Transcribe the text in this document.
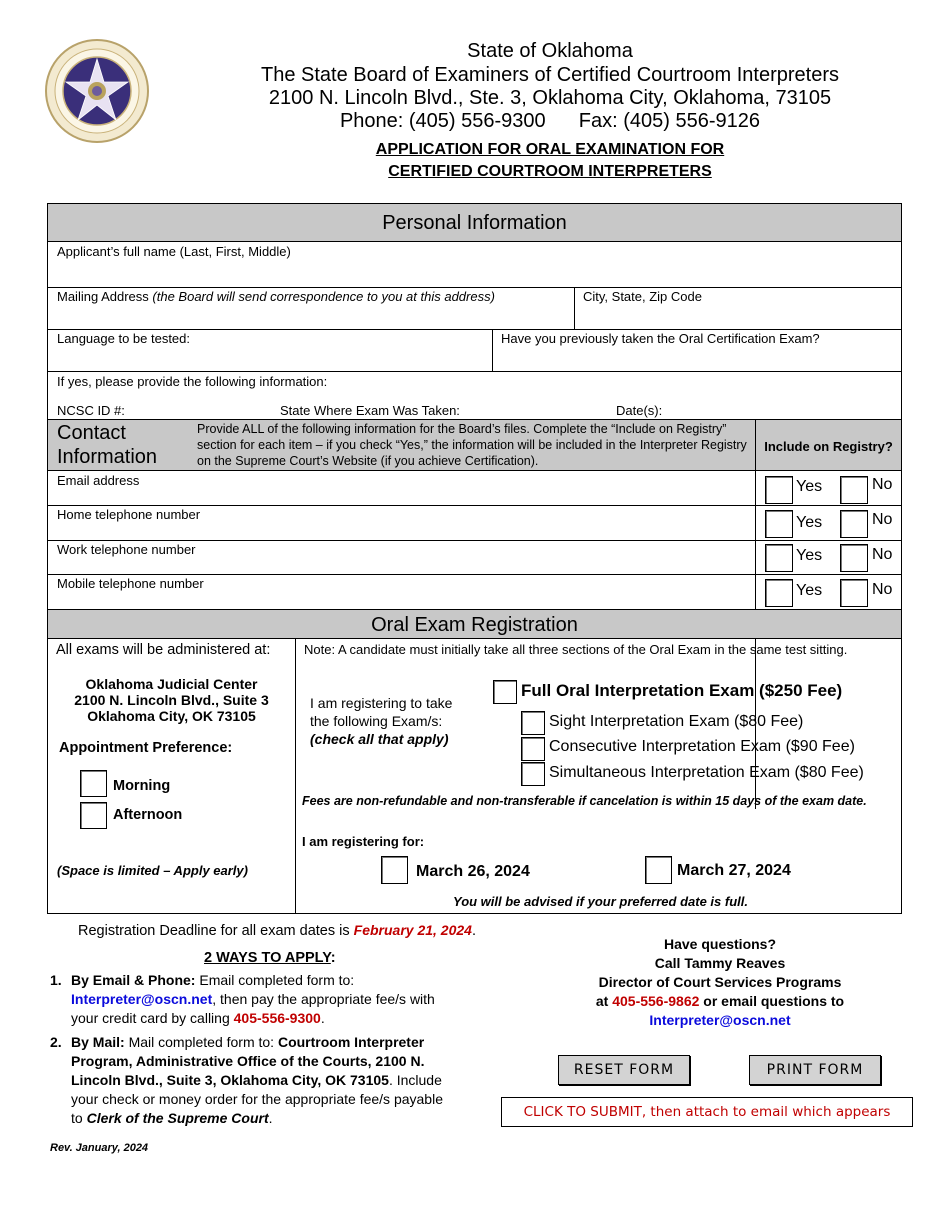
State of Oklahoma
The State Board of Examiners of Certified Courtroom Interpreters
2100 N. Lincoln Blvd., Ste. 3, Oklahoma City, Oklahoma, 73105
Phone: (405) 556-9300 Fax: (405) 556-9126
APPLICATION FOR ORAL EXAMINATION FOR
CERTIFIED COURTROOM INTERPRETERS
Personal Information
Applicant’s full name (Last, First, Middle)
Mailing Address (the Board will send correspondence to you at this address)	City, State, Zip Code
Language to be tested:	Have you previously taken the Oral Certification Exam?
If yes, please provide the following information:
NCSC ID #:	State Where Exam Was Taken:	Date(s):
Contact
Information
Provide ALL of the following information for the Board’s files. Complete the “Include on Registry” section for each item – if you check “Yes,” the information will be included in the Interpreter Registry on the Supreme Court’s Website (if you achieve Certification).
Include on Registry?
Email address	Yes	No
Home telephone number	Yes	No
Work telephone number	Yes	No
Mobile telephone number	Yes	No
Oral Exam Registration
All exams will be administered at:
Oklahoma Judicial Center
2100 N. Lincoln Blvd., Suite 3
Oklahoma City, OK 73105
Appointment Preference:
Morning
Afternoon
(Space is limited – Apply early)
Note: A candidate must initially take all three sections of the Oral Exam in the same test sitting.
I am registering to take
the following Exam/s:
(check all that apply)
Full Oral Interpretation Exam ($250 Fee)
Sight Interpretation Exam ($80 Fee)
Consecutive Interpretation Exam ($90 Fee)
Simultaneous Interpretation Exam ($80 Fee)
Fees are non-refundable and non-transferable if cancelation is within 15 days of the exam date.
I am registering for:
March 26, 2024	March 27, 2024
You will be advised if your preferred date is full.
Registration Deadline for all exam dates is February 21, 2024.
2 WAYS TO APPLY:
1. By Email & Phone: Email completed form to:
Interpreter@oscn.net, then pay the appropriate fee/s with
your credit card by calling 405-556-9300.
2. By Mail: Mail completed form to: Courtroom Interpreter
Program, Administrative Office of the Courts, 2100 N.
Lincoln Blvd., Suite 3, Oklahoma City, OK 73105. Include
your check or money order for the appropriate fee/s payable
to Clerk of the Supreme Court.
Have questions?
Call Tammy Reaves
Director of Court Services Programs
at 405-556-9862 or email questions to
Interpreter@oscn.net
RESET FORM	PRINT FORM
CLICK TO SUBMIT, then attach to email which appears
Rev. January, 2024
